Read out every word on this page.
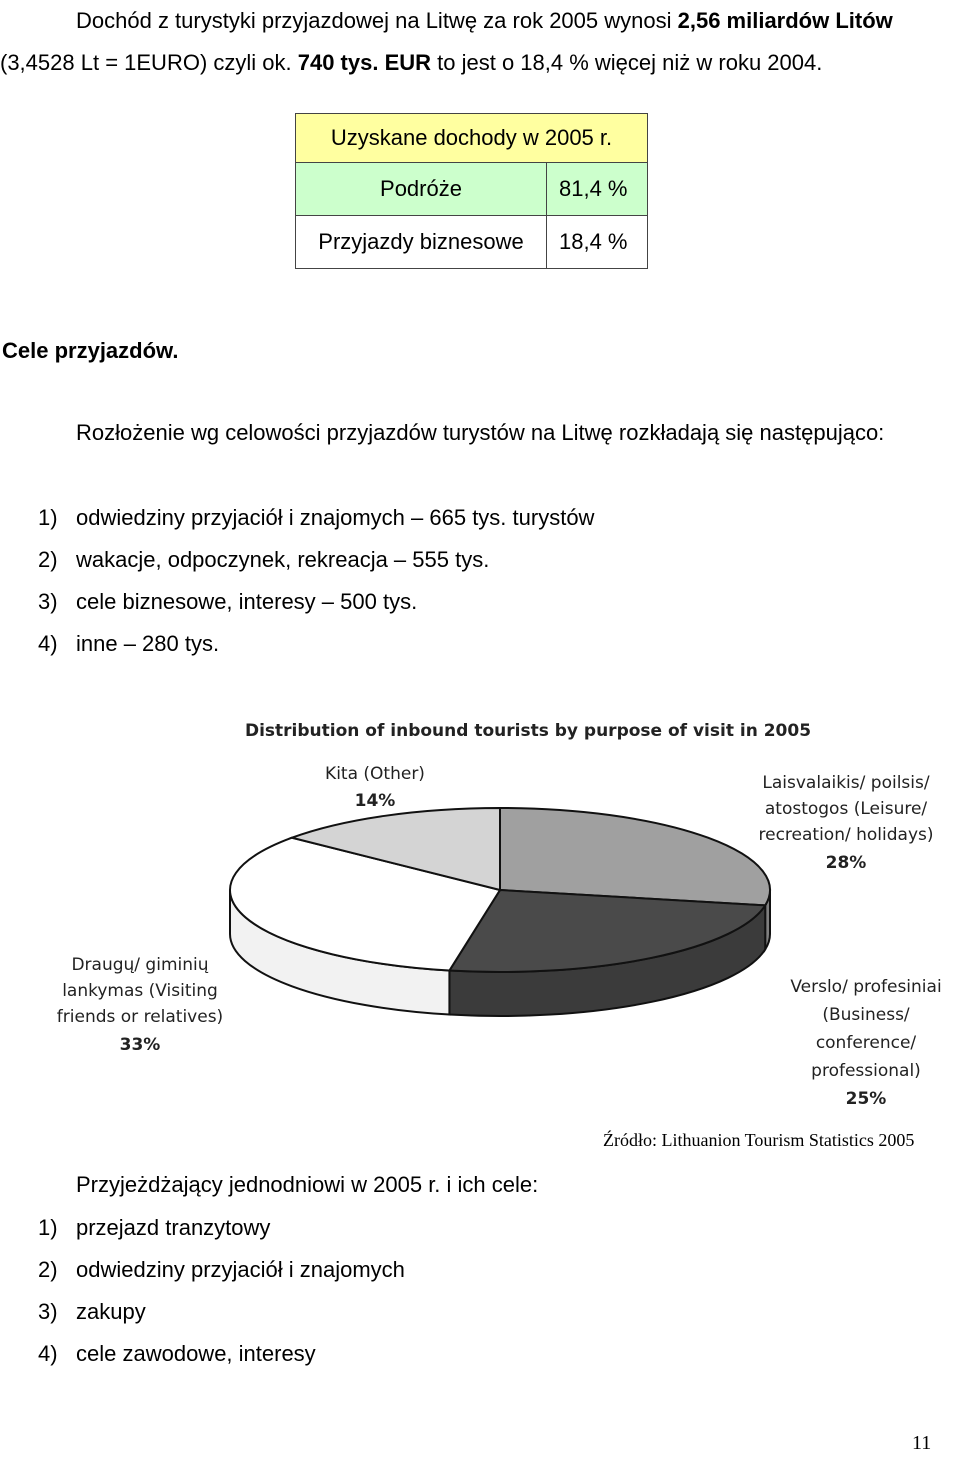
Dochód z turystyki przyjazdowej na Litwę za rok 2005 wynosi 2,56 miliardów Litów (3,4528 Lt = 1EURO) czyli ok. 740 tys. EUR to jest o 18,4 % więcej niż w roku 2004.
Uzyskane dochody w 2005 r.	
Podróże	81,4 %
Przyjazdy biznesowe	18,4 %
Cele przyjazdów.
Rozłożenie wg celowości przyjazdów turystów na Litwę rozkładają się następująco:
1) odwiedziny przyjaciół i znajomych – 665 tys. turystów
2) wakacje, odpoczynek, rekreacja – 555 tys.
3) cele biznesowe, interesy – 500 tys.
4) inne – 280 tys.
Distribution of inbound tourists by purpose of visit in 2005
Laisvalaikis/ poilsis/
atostogos (Leisure/
recreation/ holidays)
28%
Verslo/ profesiniai
(Business/
conference/
professional)
25%
Draugų/ giminių
lankymas (Visiting
friends or relatives)
33%
Kita (Other)
14%
Źródło: Lithuanion Tourism Statistics 2005
Przyjeżdżający jednodniowi w 2005 r. i ich cele:
1) przejazd tranzytowy
2) odwiedziny przyjaciół i znajomych
3) zakupy
4) cele zawodowe, interesy
11
